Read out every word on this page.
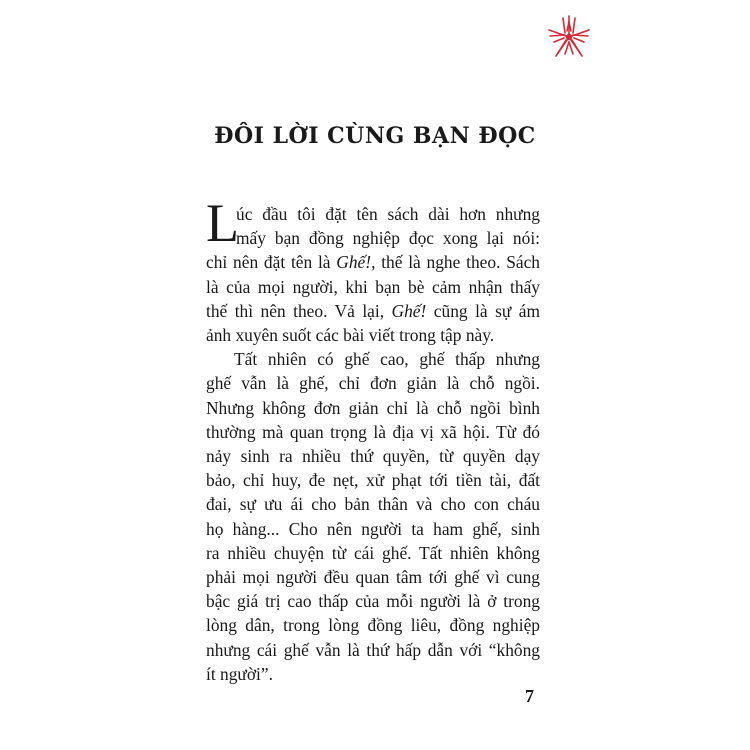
ĐÔI LỜI CÙNG BẠN ĐỌC
L
úc đầu tôi đặt tên sách dài hơn nhưng
mấy bạn đồng nghiệp đọc xong lại nói:
chỉ nên đặt tên là Ghế!, thế là nghe theo. Sách
là của mọi người, khi bạn bè cảm nhận thấy
thế thì nên theo. Vả lại, Ghế! cũng là sự ám
ảnh xuyên suốt các bài viết trong tập này.
Tất nhiên có ghế cao, ghế thấp nhưng
ghế vẫn là ghế, chỉ đơn giản là chỗ ngồi.
Nhưng không đơn giản chỉ là chỗ ngồi bình
thường mà quan trọng là địa vị xã hội. Từ đó
nảy sinh ra nhiều thứ quyền, từ quyền dạy
bảo, chỉ huy, đe nẹt, xử phạt tới tiền tài, đất
đai, sự ưu ái cho bản thân và cho con cháu
họ hàng... Cho nên người ta ham ghế, sinh
ra nhiều chuyện từ cái ghế. Tất nhiên không
phải mọi người đều quan tâm tới ghế vì cung
bậc giá trị cao thấp của mỗi người là ở trong
lòng dân, trong lòng đồng liêu, đồng nghiệp
nhưng cái ghế vẫn là thứ hấp dẫn với “không
ít người”.
7
